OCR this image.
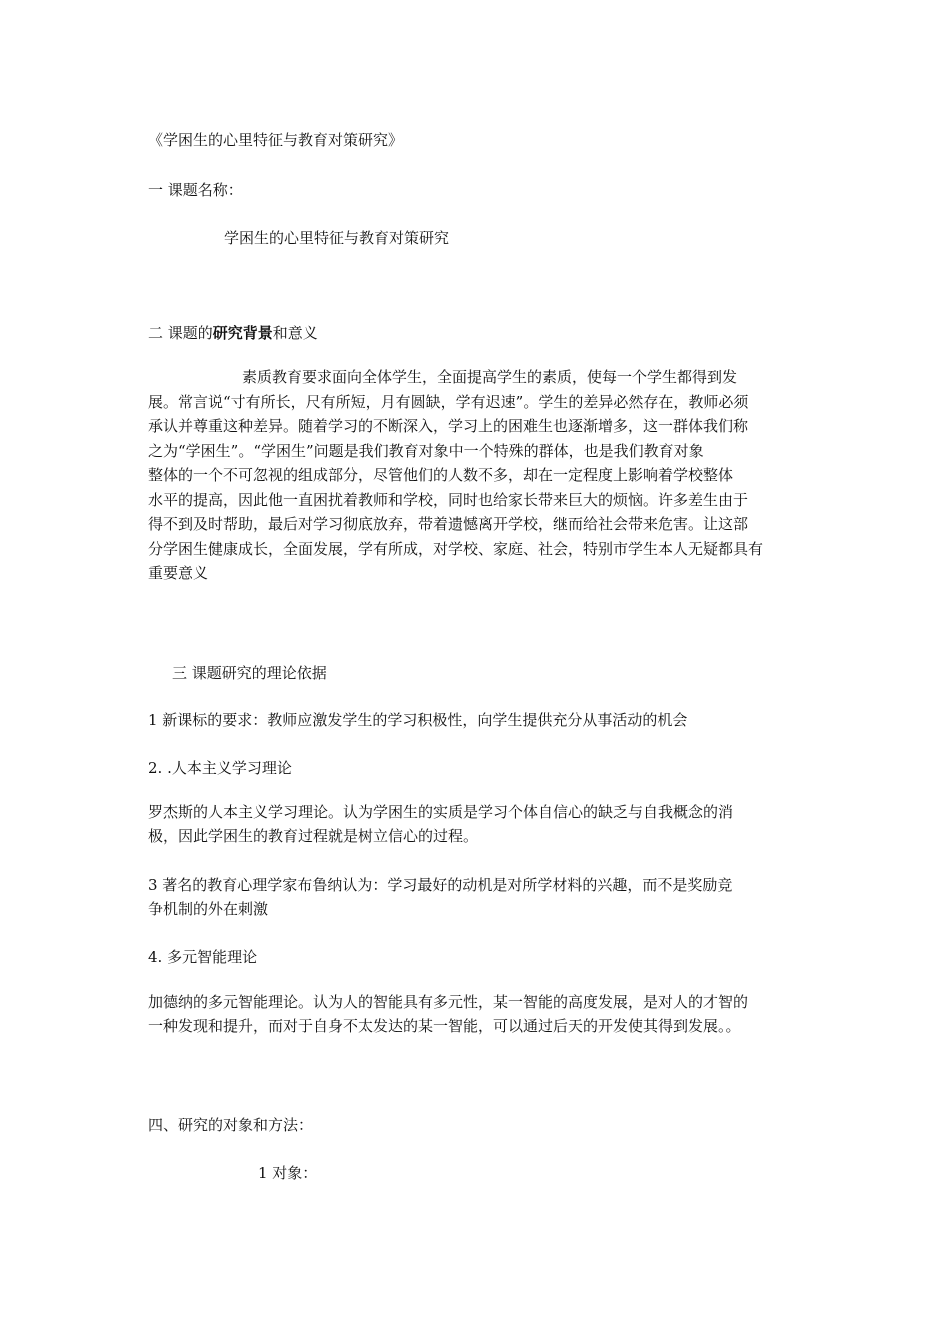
《学困生的心里特征与教育对策研究》
一 课题名称：
学困生的心里特征与教育对策研究
二 课题的研究背景和意义
素质教育要求面向全体学生，全面提高学生的素质，使每一个学生都得到发
展。常言说“寸有所长，尺有所短，月有圆缺，学有迟速”。学生的差异必然存在，教师必须
承认并尊重这种差异。随着学习的不断深入，学习上的困难生也逐渐增多，这一群体我们称
之为“学困生”。“学困生”问题是我们教育对象中一个特殊的群体，也是我们教育对象
整体的一个不可忽视的组成部分，尽管他们的人数不多，却在一定程度上影响着学校整体
水平的提高，因此他一直困扰着教师和学校，同时也给家长带来巨大的烦恼。许多差生由于
得不到及时帮助，最后对学习彻底放弃，带着遗憾离开学校，继而给社会带来危害。让这部
分学困生健康成长，全面发展，学有所成，对学校、家庭、社会，特别市学生本人无疑都具有
重要意义
三 课题研究的理论依据
1 新课标的要求：教师应激发学生的学习积极性，向学生提供充分从事活动的机会
2. .人本主义学习理论
罗杰斯的人本主义学习理论。认为学困生的实质是学习个体自信心的缺乏与自我概念的消
极，因此学困生的教育过程就是树立信心的过程。
3 著名的教育心理学家布鲁纳认为：学习最好的动机是对所学材料的兴趣，而不是奖励竞
争机制的外在刺激
4. 多元智能理论
加德纳的多元智能理论。认为人的智能具有多元性，某一智能的高度发展，是对人的才智的
一种发现和提升，而对于自身不太发达的某一智能，可以通过后天的开发使其得到发展。。
四、研究的对象和方法：
1 对象：
